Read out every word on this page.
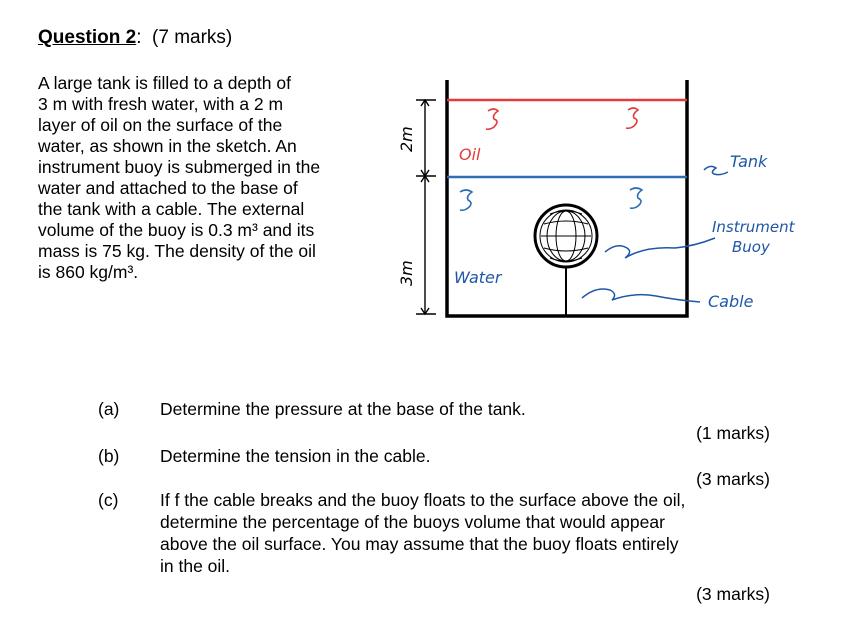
Question 2: (7 marks)
A large tank is filled to a depth of
3 m with fresh water, with a 2 m
layer of oil on the surface of the
water, as shown in the sketch. An
instrument buoy is submerged in the
water and attached to the base of
the tank with a cable. The external
volume of the buoy is 0.3 m³ and its
mass is 75 kg. The density of the oil
is 860 kg/m³.
2m
3m
Oil
Water
Tank
Instrument
Buoy
Cable
(a) Determine the pressure at the base of the tank.
(1 marks)
(b) Determine the tension in the cable.
(3 marks)
(c) If f the cable breaks and the buoy floats to the surface above the oil,
determine the percentage of the buoys volume that would appear
above the oil surface. You may assume that the buoy floats entirely
in the oil.
(3 marks)
